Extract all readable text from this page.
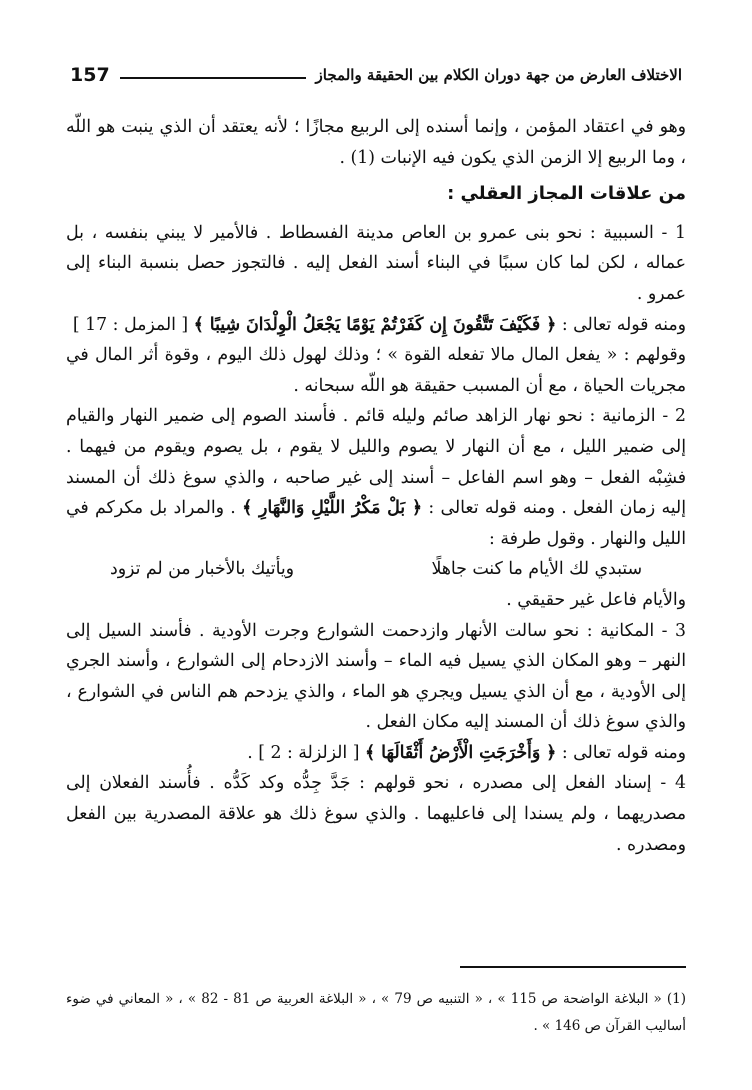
الاختلاف العارض من جهة دوران الكلام بين الحقيقة والمجاز
157

وهو في اعتقاد المؤمن ، وإنما أسنده إلى الربيع مجازًا ؛ لأنه يعتقد أن الذي ينبت هو اللّه ، وما الربيع إلا الزمن الذي يكون فيه الإنبات (1) .

من علاقات المجاز العقلي :

1 - السببية : نحو بنى عمرو بن العاص مدينة الفسطاط . فالأمير لا يبني بنفسه ، بل عماله ، لكن لما كان سببًا في البناء أسند الفعل إليه . فالتجوز حصل بنسبة البناء إلى عمرو .

ومنه قوله تعالى : ﴿ فَكَيْفَ تَتَّقُونَ إِن كَفَرْتُمْ يَوْمًا يَجْعَلُ الْوِلْدَانَ شِيبًا ﴾ [ المزمل : 17 ]

وقولهم : « يفعل المال مالا تفعله القوة » ؛ وذلك لهول ذلك اليوم ، وقوة أثر المال في مجريات الحياة ، مع أن المسبب حقيقة هو اللّه سبحانه .

2 - الزمانية : نحو نهار الزاهد صائم وليله قائم . فأسند الصوم إلى ضمير النهار والقيام إلى ضمير الليل ، مع أن النهار لا يصوم والليل لا يقوم ، بل يصوم ويقوم من فيهما . فشِبْه الفعل – وهو اسم الفاعل – أسند إلى غير صاحبه ، والذي سوغ ذلك أن المسند إليه زمان الفعل . ومنه قوله تعالى : ﴿ بَلْ مَكْرُ اللَّيْلِ وَالنَّهَارِ ﴾ . والمراد بل مكركم في الليل والنهار . وقول طرفة :

ستبدي لك الأيام ما كنت جاهلًا
ويأتيك بالأخبار من لم تزود

والأيام فاعل غير حقيقي .

3 - المكانية : نحو سالت الأنهار وازدحمت الشوارع وجرت الأودية . فأسند السيل إلى النهر – وهو المكان الذي يسيل فيه الماء – وأسند الازدحام إلى الشوارع ، وأسند الجري إلى الأودية ، مع أن الذي يسيل ويجري هو الماء ، والذي يزدحم هم الناس في الشوارع ، والذي سوغ ذلك أن المسند إليه مكان الفعل .

ومنه قوله تعالى : ﴿ وَأَخْرَجَتِ الْأَرْضُ أَثْقَالَهَا ﴾ [ الزلزلة : 2 ] .

4 - إسناد الفعل إلى مصدره ، نحو قولهم : جَدَّ جِدُّه وكد كَدُّه . فأُسند الفعلان إلى مصدريهما ، ولم يسندا إلى فاعليهما . والذي سوغ ذلك هو علاقة المصدرية بين الفعل ومصدره .

(1) « البلاغة الواضحة ص 115 » ، « التنبيه ص 79 » ، « البلاغة العربية ص 81 - 82 » ، « المعاني في ضوء أساليب القرآن ص 146 » .
